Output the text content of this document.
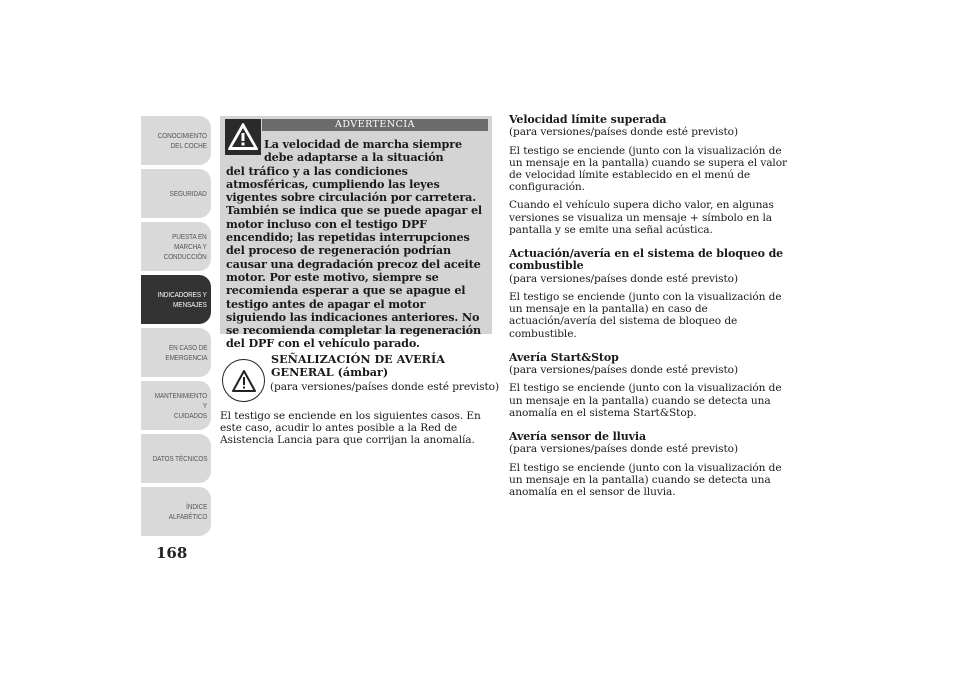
CONOCIMIENTO
DEL COCHE
SEGURIDAD
PUESTA EN
MARCHA Y
CONDUCCIÓN
INDICADORES Y
MENSAJES
EN CASO DE
EMERGENCIA
MANTENIMIENTO Y
CUIDADOS
DATOS TÉCNICOS
ÍNDICE
ALFABÉTICO
168
ADVERTENCIA
La velocidad de marcha siempre
debe adaptarse a la situación
del tráfico y a las condiciones atmosféricas, cumpliendo las leyes vigentes sobre circulación por carretera. También se indica que se puede apagar el motor incluso con el testigo DPF encendido; las repetidas interrupciones del proceso de regeneración podrían causar una degradación precoz del aceite motor. Por este motivo, siempre se recomienda esperar a que se apague el testigo antes de apagar el motor siguiendo las indicaciones anteriores. No se recomienda completar la regeneración del DPF con el vehículo parado.
SEÑALIZACIÓN DE AVERÍA
GENERAL (ámbar)
(para versiones/países donde esté previsto)
El testigo se enciende en los siguientes casos. En este caso, acudir lo antes posible a la Red de Asistencia Lancia para que corrijan la anomalía.
Velocidad límite superada

(para versiones/países donde esté previsto)

El testigo se enciende (junto con la visualización de un mensaje en la pantalla) cuando se supera el valor de velocidad límite establecido en el menú de configuración.

Cuando el vehículo supera dicho valor, en algunas versiones se visualiza un mensaje + símbolo en la pantalla y se emite una señal acústica.

Actuación/avería en el sistema de bloqueo de combustible

(para versiones/países donde esté previsto)

El testigo se enciende (junto con la visualización de un mensaje en la pantalla) en caso de actuación/avería del sistema de bloqueo de combustible.

Avería Start&Stop

(para versiones/países donde esté previsto)

El testigo se enciende (junto con la visualización de un mensaje en la pantalla) cuando se detecta una anomalía en el sistema Start&Stop.

Avería sensor de lluvia

(para versiones/países donde esté previsto)

El testigo se enciende (junto con la visualización de un mensaje en la pantalla) cuando se detecta una anomalía en el sensor de lluvia.
